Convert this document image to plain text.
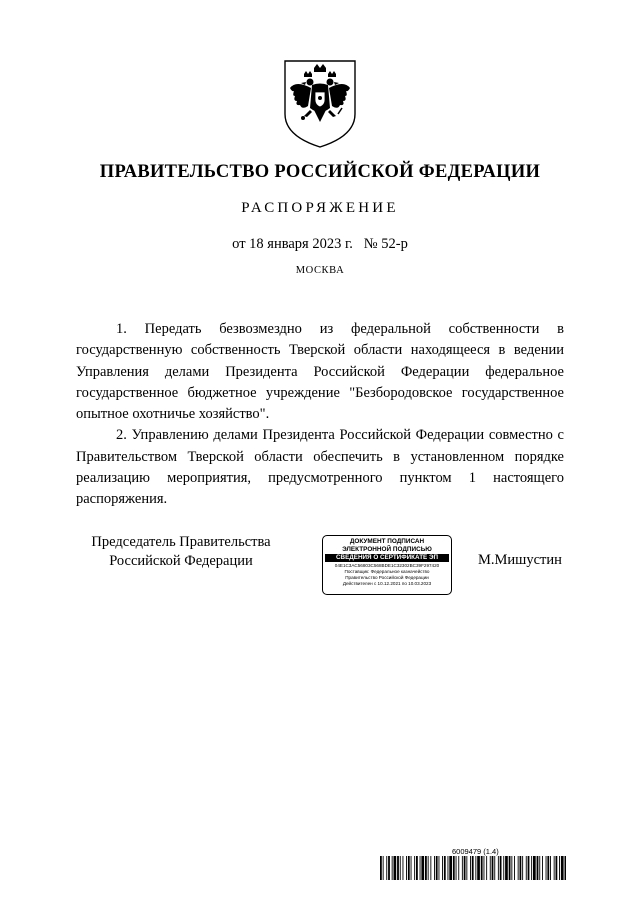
ПРАВИТЕЛЬСТВО РОССИЙСКОЙ ФЕДЕРАЦИИ
РАСПОРЯЖЕНИЕ
от 18 января 2023 г. № 52-р
МОСКВА

1. Передать безвозмездно из федеральной собственности в государственную собственность Тверской области находящееся в ведении Управления делами Президента Российской Федерации федеральное государственное бюджетное учреждение "Безбородовское государственное опытное охотничье хозяйство".

2. Управлению делами Президента Российской Федерации совместно с Правительством Тверской области обеспечить в установленном порядке реализацию мероприятия, предусмотренного пунктом 1 настоящего распоряжения.

Председатель Правительства
Российской Федерации
ДОКУМЕНТ ПОДПИСАН
ЭЛЕКТРОННОЙ ПОДПИСЬЮ
СВЕДЕНИЯ О СЕРТИФИКАТЕ ЭП
04E1C3AC56803C568BDE1C32302BC39F297420
Поставщик: Федеральное казначейство
Правительство Российской Федерации
Действителен с 10.12.2021 по 10.03.2023
М.Мишустин
6009479 (1.4)
